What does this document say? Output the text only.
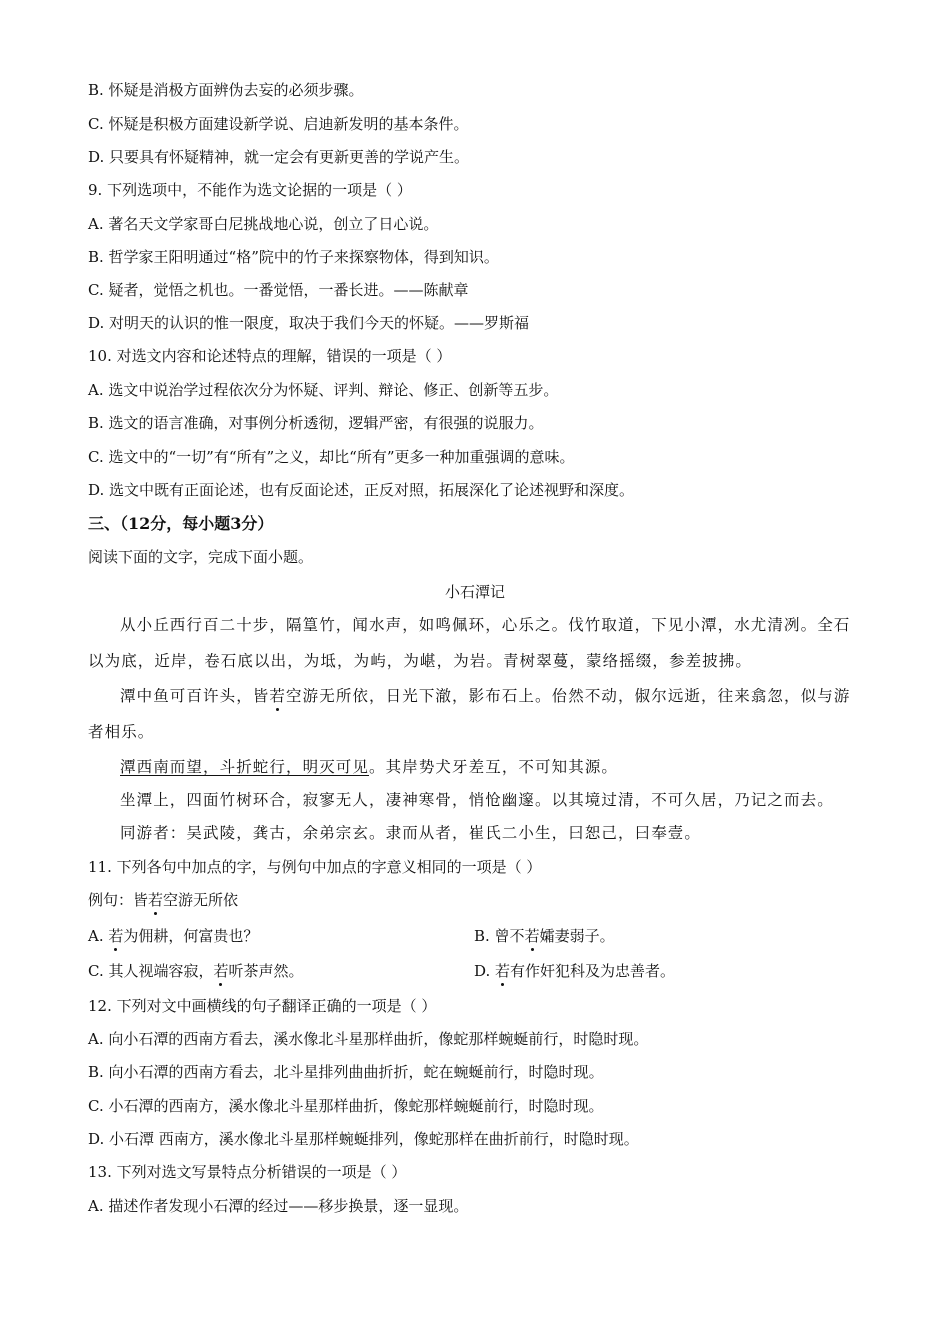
B. 怀疑是消极方面辨伪去妄的必须步骤。
C. 怀疑是积极方面建设新学说、启迪新发明的基本条件。
D. 只要具有怀疑精神，就一定会有更新更善的学说产生。
9. 下列选项中，不能作为选文论据的一项是（ ）
A. 著名天文学家哥白尼挑战地心说，创立了日心说。
B. 哲学家王阳明通过“格”院中的竹子来探察物体，得到知识。
C. 疑者，觉悟之机也。一番觉悟，一番长进。——陈献章
D. 对明天的认识的惟一限度，取决于我们今天的怀疑。——罗斯福
10. 对选文内容和论述特点的理解，错误的一项是（ ）
A. 选文中说治学过程依次分为怀疑、评判、辩论、修正、创新等五步。
B. 选文的语言准确，对事例分析透彻，逻辑严密，有很强的说服力。
C. 选文中的“一切”有“所有”之义，却比“所有”更多一种加重强调的意味。
D. 选文中既有正面论述，也有反面论述，正反对照，拓展深化了论述视野和深度。
三、（12分，每小题3分）
阅读下面的文字，完成下面小题。
小石潭记
从小丘西行百二十步，隔篁竹，闻水声，如鸣佩环，心乐之。伐竹取道，下见小潭，水尤清冽。全石
以为底，近岸，卷石底以出，为坻，为屿，为嵁，为岩。青树翠蔓，蒙络摇缀，参差披拂。
潭中鱼可百许头，皆若空游无所依，日光下澈，影布石上。佁然不动，俶尔远逝，往来翕忽，似与游
者相乐。
潭西南而望，斗折蛇行，明灭可见。其岸势犬牙差互，不可知其源。
坐潭上，四面竹树环合，寂寥无人，凄神寒骨，悄怆幽邃。以其境过清，不可久居，乃记之而去。
同游者：吴武陵，龚古，余弟宗玄。隶而从者，崔氏二小生，曰恕己，曰奉壹。
11. 下列各句中加点的字，与例句中加点的字意义相同的一项是（ ）
例句：皆若空游无所依
A. 若为佣耕，何富贵也？	B. 曾不若孀妻弱子。
C. 其人视端容寂，若听茶声然。	D. 若有作奸犯科及为忠善者。
12. 下列对文中画横线的句子翻译正确的一项是（ ）
A. 向小石潭的西南方看去，溪水像北斗星那样曲折，像蛇那样蜿蜒前行，时隐时现。
B. 向小石潭的西南方看去，北斗星排列曲曲折折，蛇在蜿蜒前行，时隐时现。
C. 小石潭的西南方，溪水像北斗星那样曲折，像蛇那样蜿蜒前行，时隐时现。
D. 小石潭 西南方，溪水像北斗星那样蜿蜒排列，像蛇那样在曲折前行，时隐时现。
13. 下列对选文写景特点分析错误的一项是（ ）
A. 描述作者发现小石潭的经过——移步换景，逐一显现。
